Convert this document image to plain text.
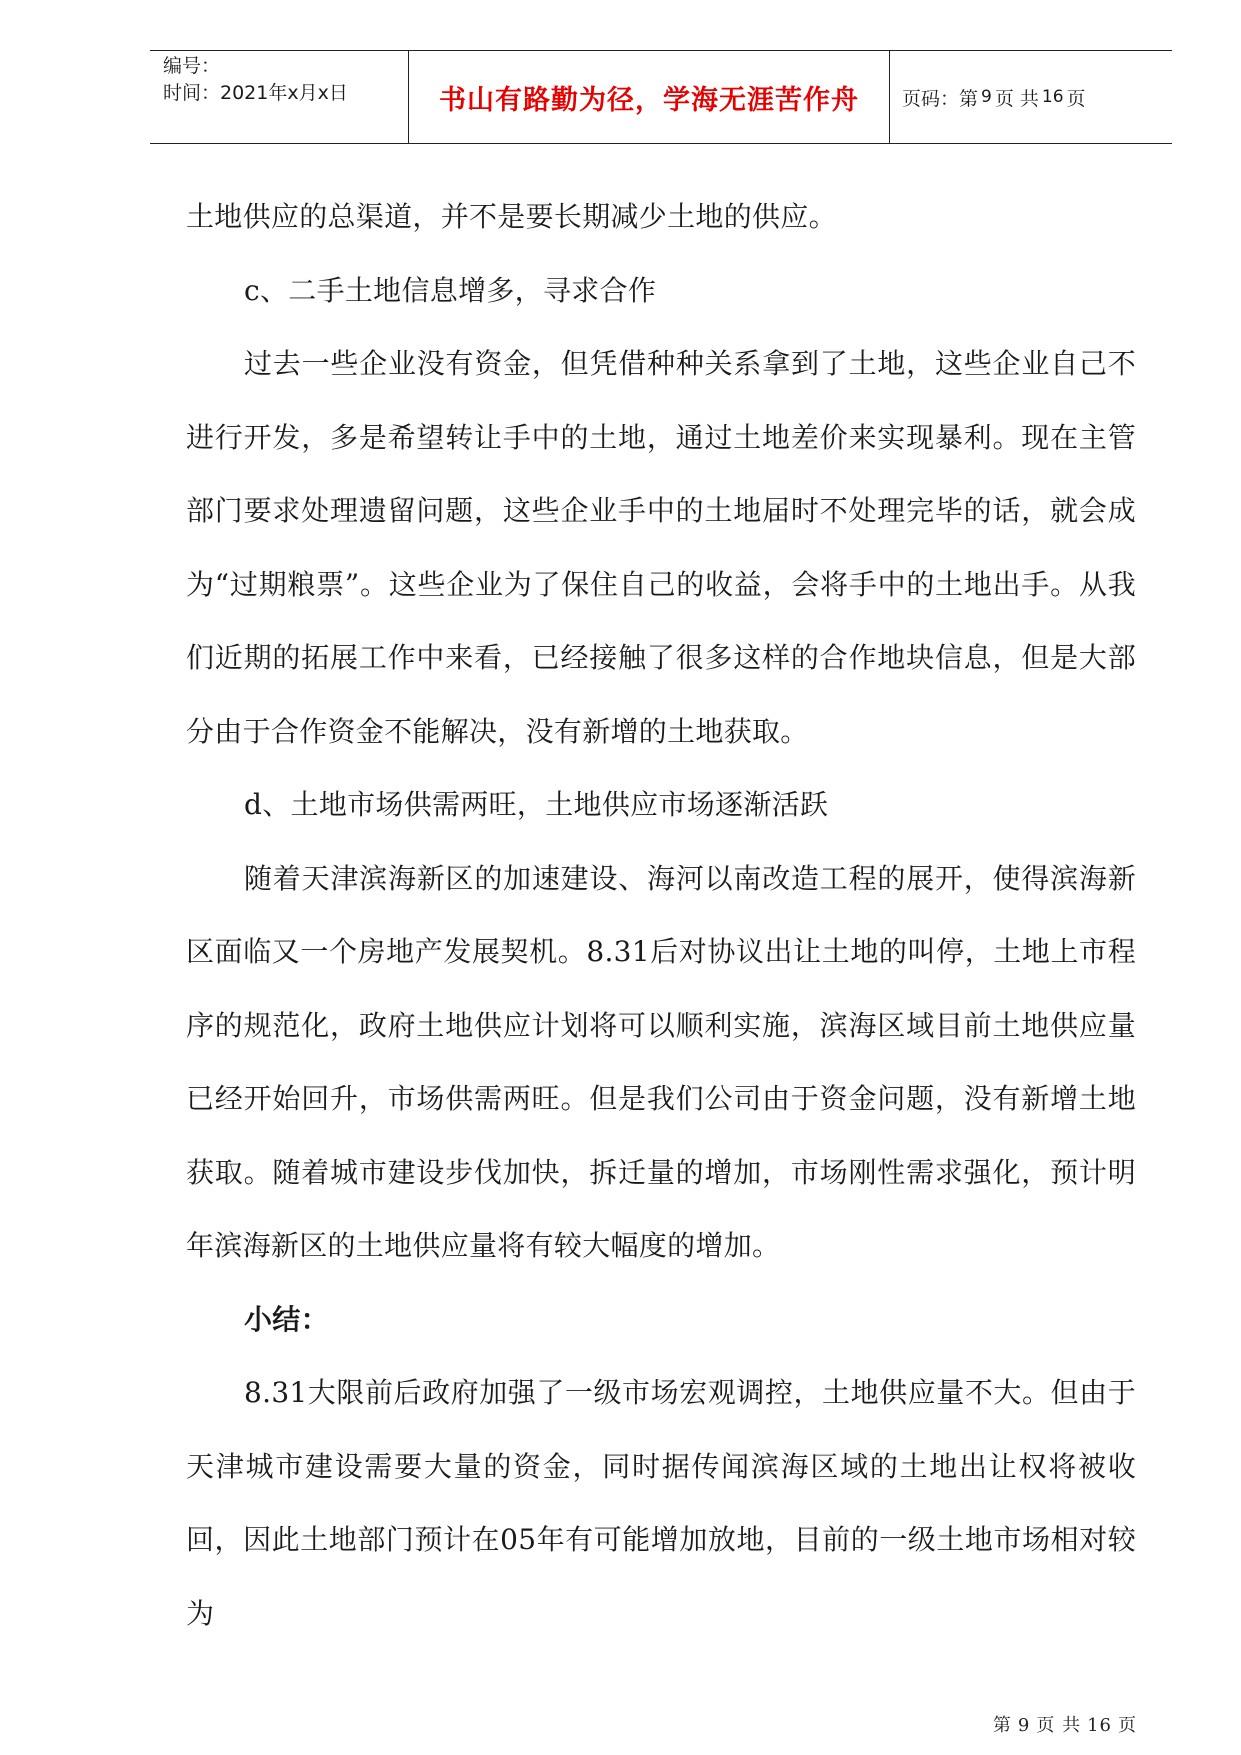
编号：
时间：2021年x月x日	书山有路勤为径，学海无涯苦作舟 页码：第 9 页 共 16 页

土地供应的总渠道，并不是要长期减少土地的供应。

c、二手土地信息增多，寻求合作

过去一些企业没有资金，但凭借种种关系拿到了土地，这些企业自己不进行开发，多是希望转让手中的土地，通过土地差价来实现暴利。现在主管部门要求处理遗留问题，这些企业手中的土地届时不处理完毕的话，就会成为“过期粮票”。这些企业为了保住自己的收益，会将手中的土地出手。从我们近期的拓展工作中来看，已经接触了很多这样的合作地块信息，但是大部分由于合作资金不能解决，没有新增的土地获取。

d、土地市场供需两旺，土地供应市场逐渐活跃

随着天津滨海新区的加速建设、海河以南改造工程的展开，使得滨海新区面临又一个房地产发展契机。8.31后对协议出让土地的叫停，土地上市程序的规范化，政府土地供应计划将可以顺利实施，滨海区域目前土地供应量已经开始回升，市场供需两旺。但是我们公司由于资金问题，没有新增土地获取。随着城市建设步伐加快，拆迁量的增加，市场刚性需求强化，预计明年滨海新区的土地供应量将有较大幅度的增加。

小结：

8.31大限前后政府加强了一级市场宏观调控，土地供应量不大。但由于天津城市建设需要大量的资金，同时据传闻滨海区域的土地出让权将被收回，因此土地部门预计在05年有可能增加放地，目前的一级土地市场相对较为

第 9 页 共 16 页
